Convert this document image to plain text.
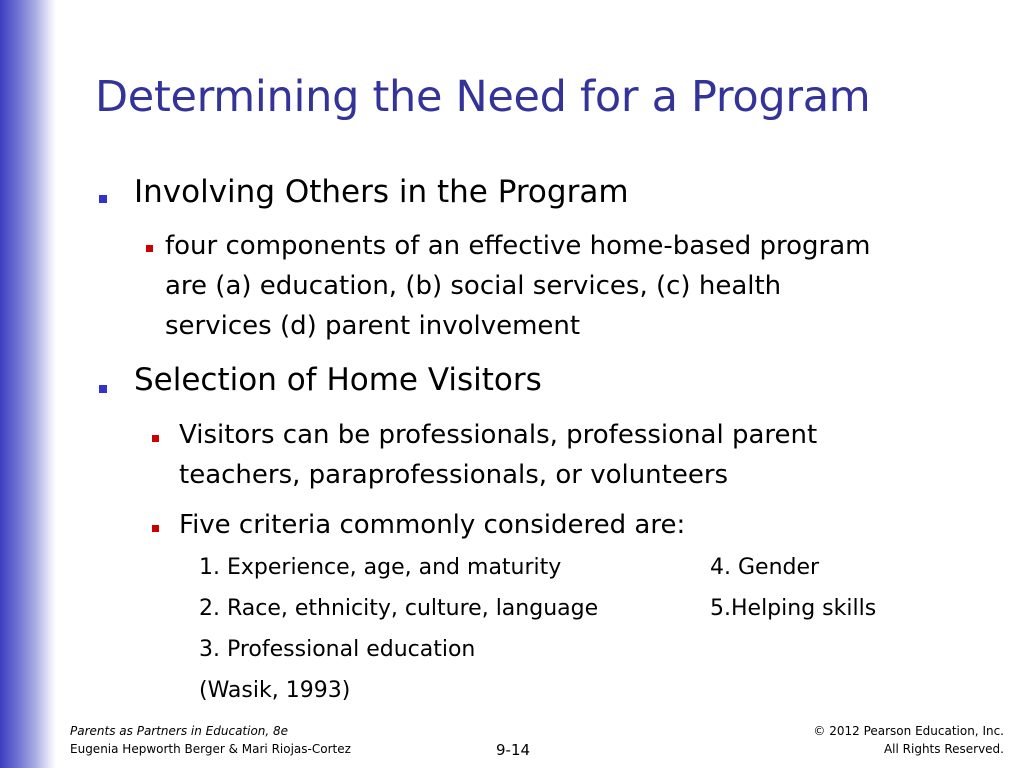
Determining the Need for a Program
Involving Others in the Program
four components of an effective home-based program
are (a) education, (b) social services, (c) health
services (d) parent involvement
Selection of Home Visitors
Visitors can be professionals, professional parent
teachers, paraprofessionals, or volunteers
Five criteria commonly considered are:
1. Experience, age, and maturity	4. Gender
2. Race, ethnicity, culture, language	5.Helping skills
3. Professional education
(Wasik, 1993)
Parents as Partners in Education, 8e
Eugenia Hepworth Berger & Mari Riojas-Cortez	9-14
© 2012 Pearson Education, Inc.
All Rights Reserved.
